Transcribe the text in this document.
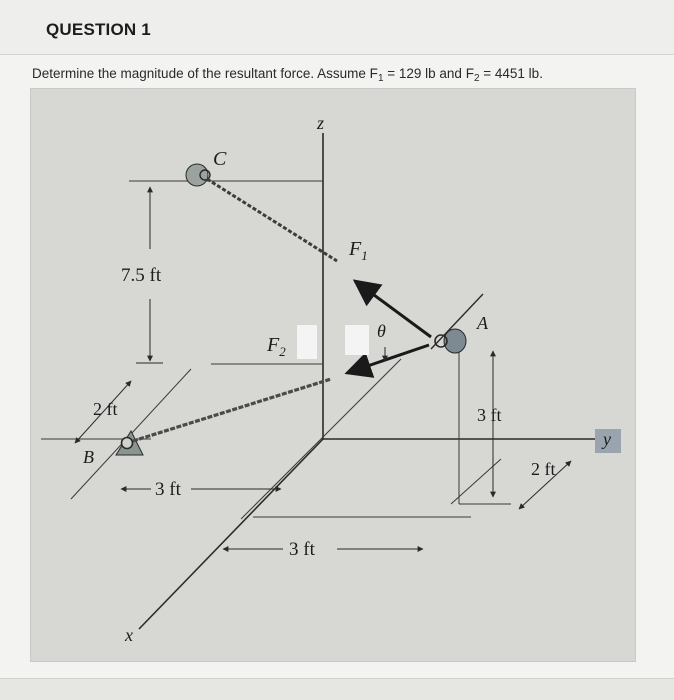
QUESTION 1
Determine the magnitude of the resultant force. Assume $F_1 = 129$ lb and $F_2 = 4451$ lb.
C
z
$F_1$
$F_2$
θ	A
B
x
y
7.5 ft
2 ft
3 ft
3 ft
3 ft
2 ft
